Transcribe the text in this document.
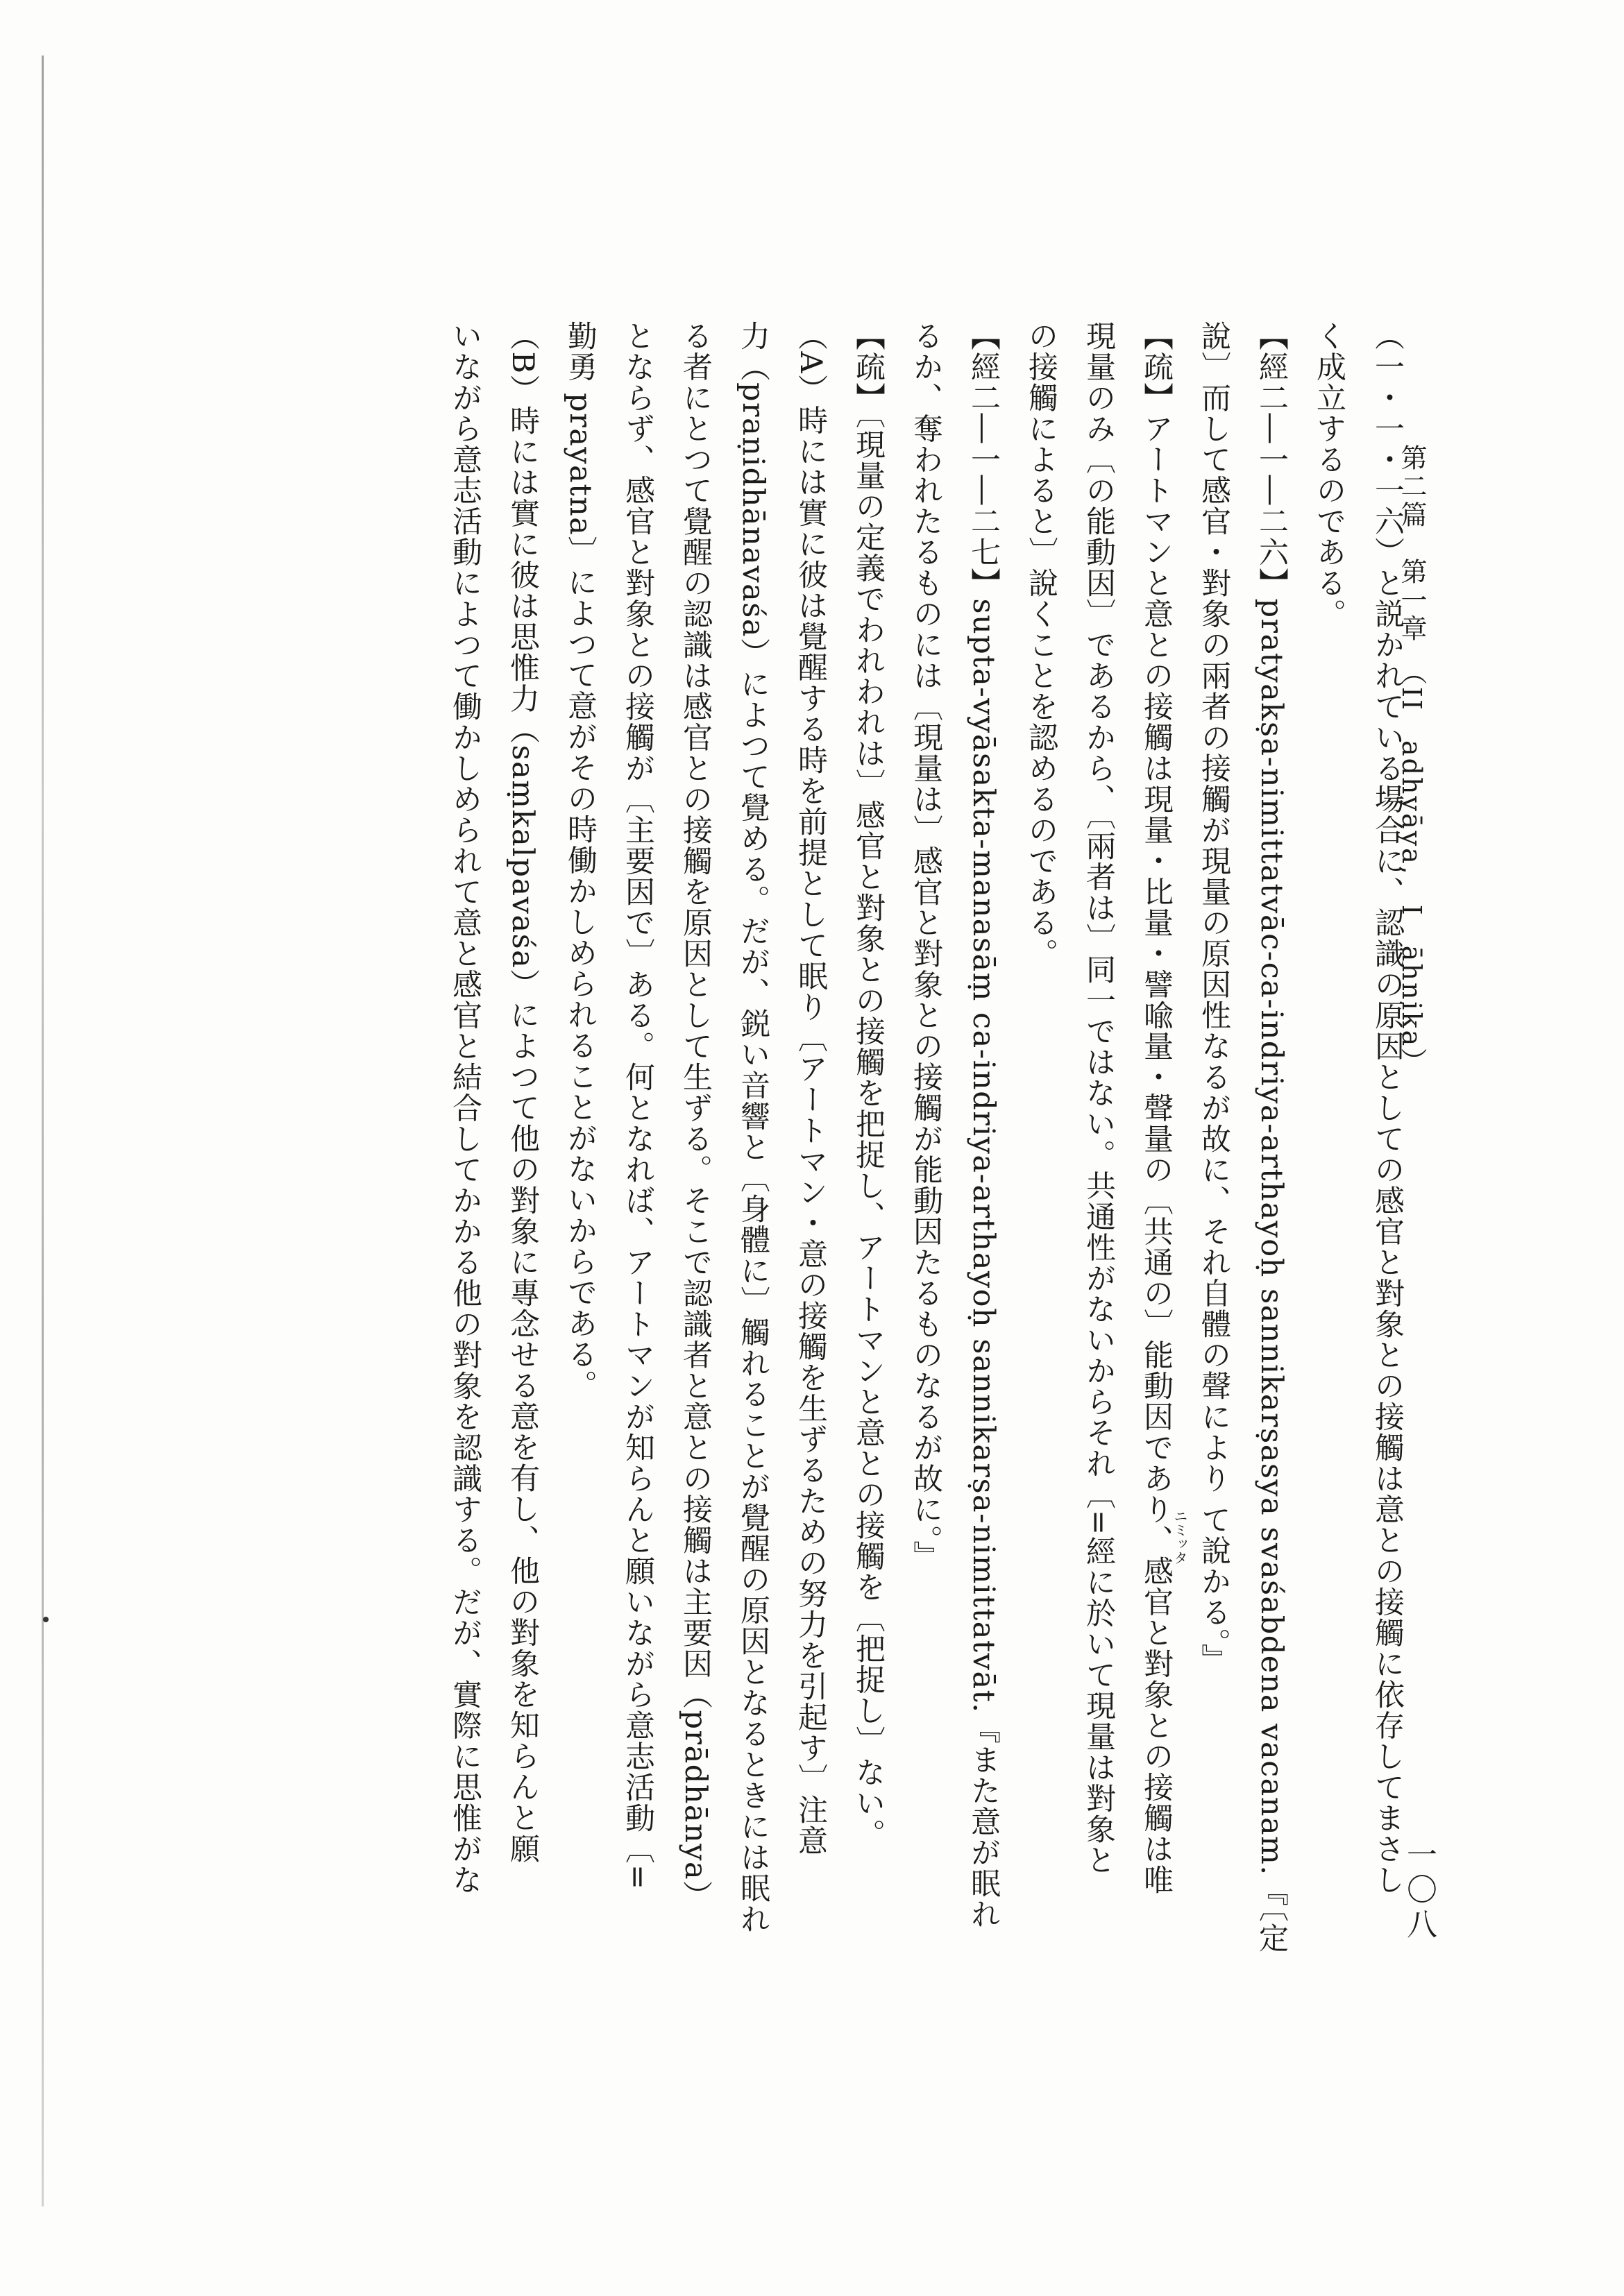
第二篇　第一章　（II　adhyāya,　I　āhnika）
一〇八
く成立するのである。 （一・一・一六）と説かれている場合に、認識の原因としての感官と對象との接觸は意との接觸に依存してまさし
【經二―一―二六】pratyakṣa-nimittatvāc-ca-indriya-arthayoḥ sannikarṣasya svaśabdena vacanam.『〔定
說〕而して感官・對象の兩者の接觸が現量の原因性なるが故に、それ自體の聲により て說かる。』
【疏】アートマンと意との接觸は現量・比量・譬喩量・聲量の〔共通の〕能動因であり、感官と對象との接觸は唯
現量のみ〔の能動因〕であるから、〔兩者は〕同一ではない。共通性がないからそれ〔=經に於いて現量は對象と
の接觸によると〕說くことを認めるのである。
【經二―一―二七】supta-vyāsakta-manasāṃ ca-indriya-arthayoḥ sannikarṣa-nimittatvāt.『また意が眠れ
るか、奪われたるものには〔現量は〕感官と對象との接觸が能動因たるものなるが故に。』
【疏】〔現量の定義でわれわれは〕感官と對象との接觸を把捉し、アートマンと意との接觸を〔把捉し〕ない。
（A）時には實に彼は覺醒する時を前提として眠り〔アートマン・意の接觸を生ずるための努力を引起す〕注意
力（praṇidhānavaśa）によつて覺める。だが、鋭い音響と〔身體に〕觸れることが覺醒の原因となるときには眠れ
る者にとつて覺醒の認識は感官との接觸を原因として生ずる。そこで認識者と意との接觸は主要因（prādhānya）
とならず、感官と對象との接觸が〔主要因で〕ある。何となれば、アートマンが知らんと願いながら意志活動〔=
勤勇 prayatna〕によつて意がその時働かしめられることがないからである。
（B）時には實に彼は思惟力（saṃkalpavaśa）によつて他の對象に專念せる意を有し、他の對象を知らんと願
いながら意志活動によつて働かしめられて意と感官と結合してかかる他の對象を認識する。だが、實際に思惟がな	ニミッタ
